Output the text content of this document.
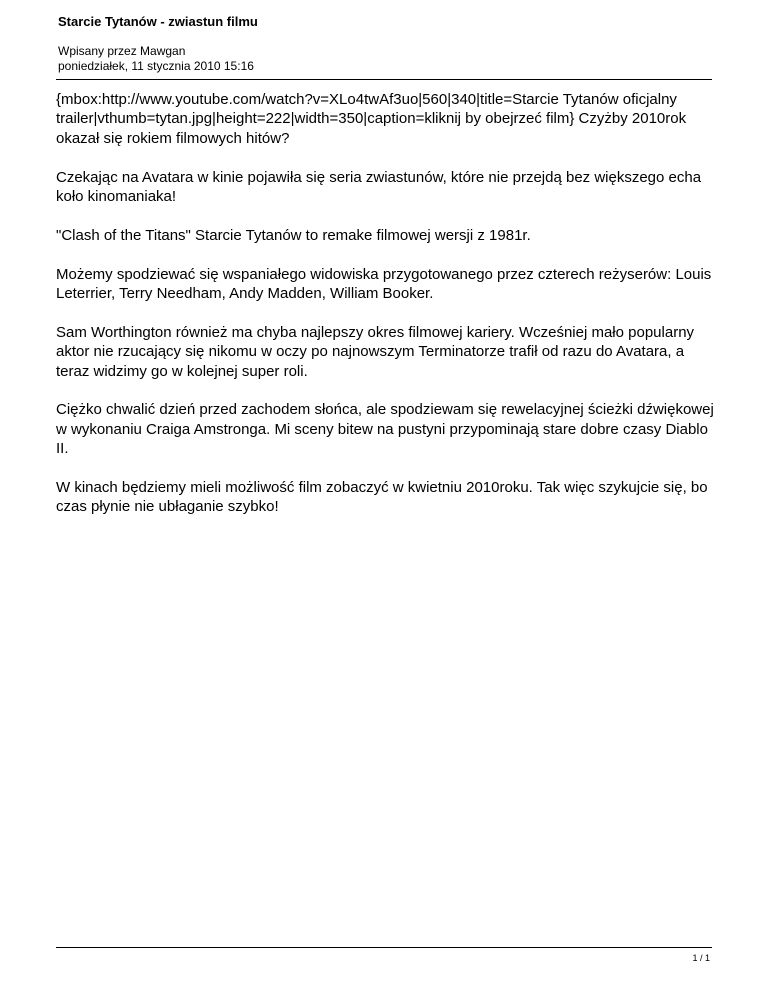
Starcie Tytanów - zwiastun filmu
Wpisany przez Mawgan
poniedziałek, 11 stycznia 2010 15:16

{mbox:http://www.youtube.com/watch?v=XLo4twAf3uo|560|340|title=Starcie Tytanów oficjalny trailer|vthumb=tytan.jpg|height=222|width=350|caption=kliknij by obejrzeć film} Czyżby 2010rok okazał się rokiem filmowych hitów?

Czekając na Avatara w kinie pojawiła się seria zwiastunów, które nie przejdą bez większego echa koło kinomaniaka!

"Clash of the Titans" Starcie Tytanów to remake filmowej wersji z 1981r.

Możemy spodziewać się wspaniałego widowiska przygotowanego przez czterech reżyserów: Louis Leterrier, Terry Needham, Andy Madden, William Booker.

Sam Worthington również ma chyba najlepszy okres filmowej kariery. Wcześniej mało popularny aktor nie rzucający się nikomu w oczy po najnowszym Terminatorze trafił od razu do Avatara, a teraz widzimy go w kolejnej super roli.

Ciężko chwalić dzień przed zachodem słońca, ale spodziewam się rewelacyjnej ścieżki dźwiękowej w wykonaniu Craiga Amstronga. Mi sceny bitew na pustyni przypominają stare dobre czasy Diablo II.

W kinach będziemy mieli możliwość film zobaczyć w kwietniu 2010roku. Tak więc szykujcie się, bo czas płynie nie ubłaganie szybko!

1 / 1
